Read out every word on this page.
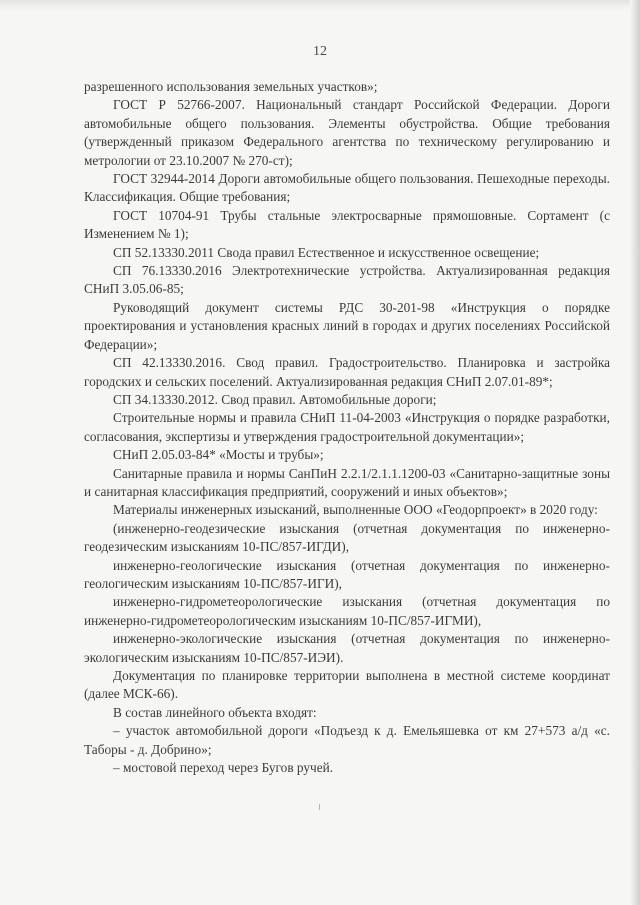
12

разрешенного использования земельных участков»;

ГОСТ Р 52766-2007. Национальный стандарт Российской Федерации. Дороги автомобильные общего пользования. Элементы обустройства. Общие требования (утвержденный приказом Федерального агентства по техническому регулированию и метрологии от 23.10.2007 № 270-ст);

ГОСТ 32944-2014 Дороги автомобильные общего пользования. Пешеходные переходы. Классификация. Общие требования;

ГОСТ 10704-91 Трубы стальные электросварные прямошовные. Сортамент (с Изменением № 1);

СП 52.13330.2011 Свода правил Естественное и искусственное освещение;

СП 76.13330.2016 Электротехнические устройства. Актуализированная редакция СНиП 3.05.06-85;

Руководящий документ системы РДС 30-201-98 «Инструкция о порядке проектирования и установления красных линий в городах и других поселениях Российской Федерации»;

СП 42.13330.2016. Свод правил. Градостроительство. Планировка и застройка городских и сельских поселений. Актуализированная редакция СНиП 2.07.01-89*;

СП 34.13330.2012. Свод правил. Автомобильные дороги;

Строительные нормы и правила СНиП 11-04-2003 «Инструкция о порядке разработки, согласования, экспертизы и утверждения градостроительной документации»;

СНиП 2.05.03-84* «Мосты и трубы»;

Санитарные правила и нормы СанПиН 2.2.1/2.1.1.1200-03 «Санитарно-защитные зоны и санитарная классификация предприятий, сооружений и иных объектов»;

Материалы инженерных изысканий, выполненные ООО «Геодорпроект» в 2020 году:

(инженерно-геодезические изыскания (отчетная документация по инженерно-геодезическим изысканиям 10-ПС/857-ИГДИ),

инженерно-геологические изыскания (отчетная документация по инженерно-геологическим изысканиям 10-ПС/857-ИГИ),

инженерно-гидрометеорологические изыскания (отчетная документация по инженерно-гидрометеорологическим изысканиям 10-ПС/857-ИГМИ),

инженерно-экологические изыскания (отчетная документация по инженерно-экологическим изысканиям 10-ПС/857-ИЭИ).

Документация по планировке территории выполнена в местной системе координат (далее МСК-66).

В состав линейного объекта входят:

– участок автомобильной дороги «Подъезд к д. Емельяшевка от км 27+573 а/д «с. Таборы - д. Добрино»;

– мостовой переход через Бугов ручей.
